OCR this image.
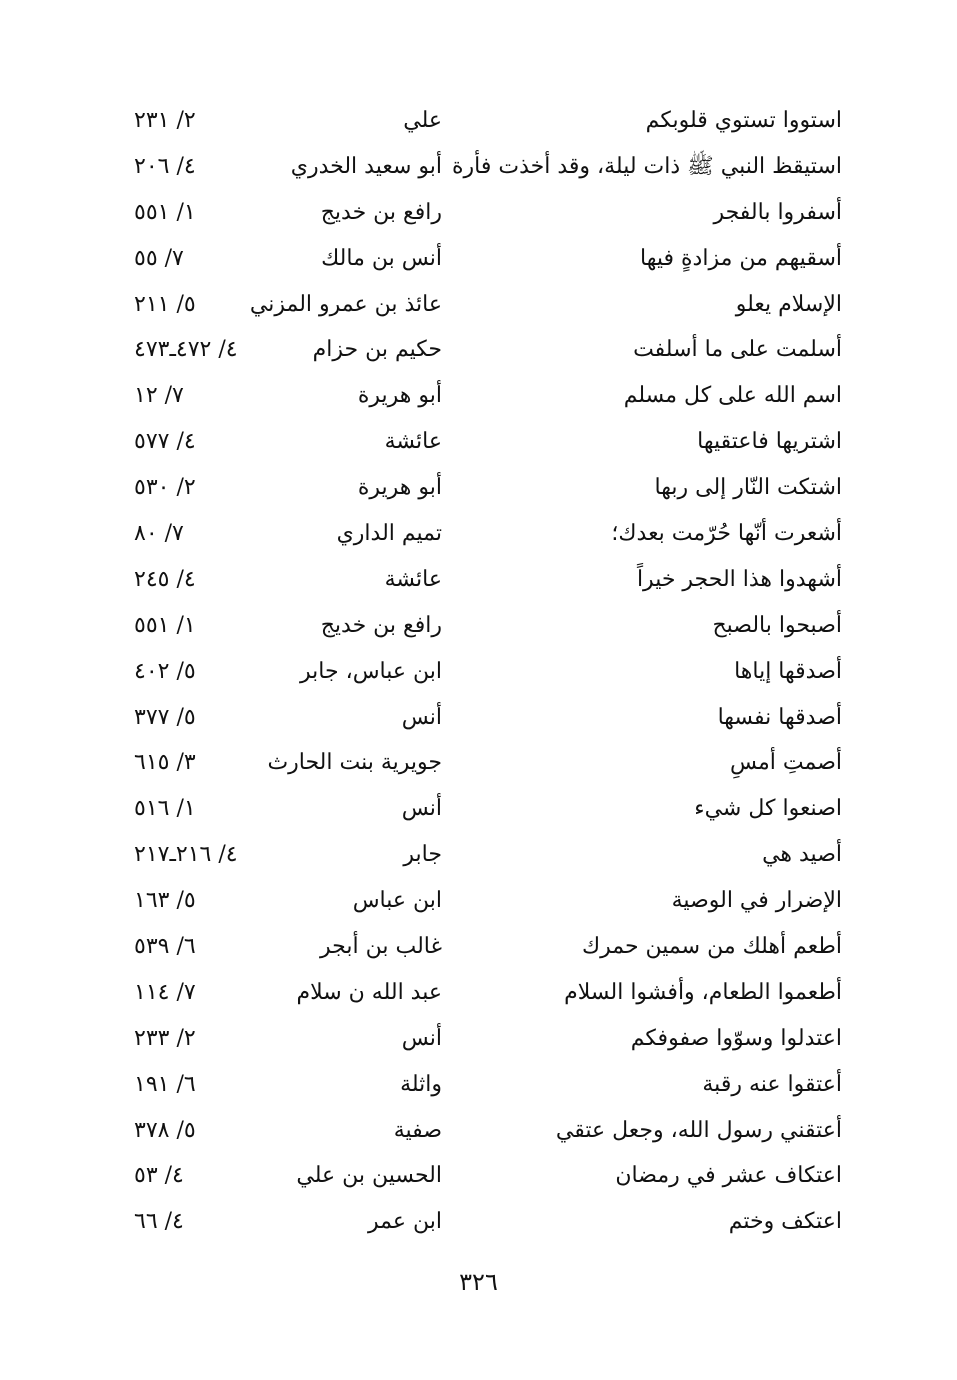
استووا تستوي قلوبكم
علي
٢/ ٢٣١
استيقظ النبي ﷺ ذات ليلة، وقد أخذت فأرة
أبو سعيد الخدري
٤/ ٢٠٦
أسفروا بالفجر
رافع بن خديج
١/ ٥٥١
أسقيهم من مزادةٍ فيها
أنس بن مالك
٧/ ٥٥
الإسلام يعلو
عائذ بن عمرو المزني
٥/ ٢١١
أسلمت على ما أسلفت
حكيم بن حزام
٤/ ٤٧٢ـ٤٧٣
اسم الله على كل مسلم
أبو هريرة
٧/ ١٢
اشتريها فاعتقيها
عائشة
٤/ ٥٧٧
اشتكت النّار إلى ربها
أبو هريرة
٢/ ٥٣٠
أشعرت أنّها حُرّمت بعدك؛
تميم الداري
٧/ ٨٠
أشهدوا هذا الحجر خيراً
عائشة
٤/ ٢٤٥
أصبحوا بالصبح
رافع بن خديج
١/ ٥٥١
أصدقها إياها
ابن عباس، جابر
٥/ ٤٠٢
أصدقها نفسها
أنس
٥/ ٣٧٧
أصمتِ أمسِ
جويرية بنت الحارث
٣/ ٦١٥
اصنعوا كل شيء
أنس
١/ ٥١٦
أصيد هي
جابر
٤/ ٢١٦ـ٢١٧
الإضرار في الوصية
ابن عباس
٥/ ١٦٣
أطعم أهلك من سمين حمرك
غالب بن أبجر
٦/ ٥٣٩
أطعموا الطعام، وأفشوا السلام
عبد الله ن سلام
٧/ ١١٤
اعتدلوا وسوّوا صفوفكم
أنس
٢/ ٢٣٣
أعتقوا عنه رقبة
واثلة
٦/ ١٩١
أعتقني رسول الله، وجعل عتقي
صفية
٥/ ٣٧٨
اعتكاف عشر في رمضان
الحسين بن علي
٤/ ٥٣
اعتكف وختم
ابن عمر
٤/ ٦٦
٣٢٦
